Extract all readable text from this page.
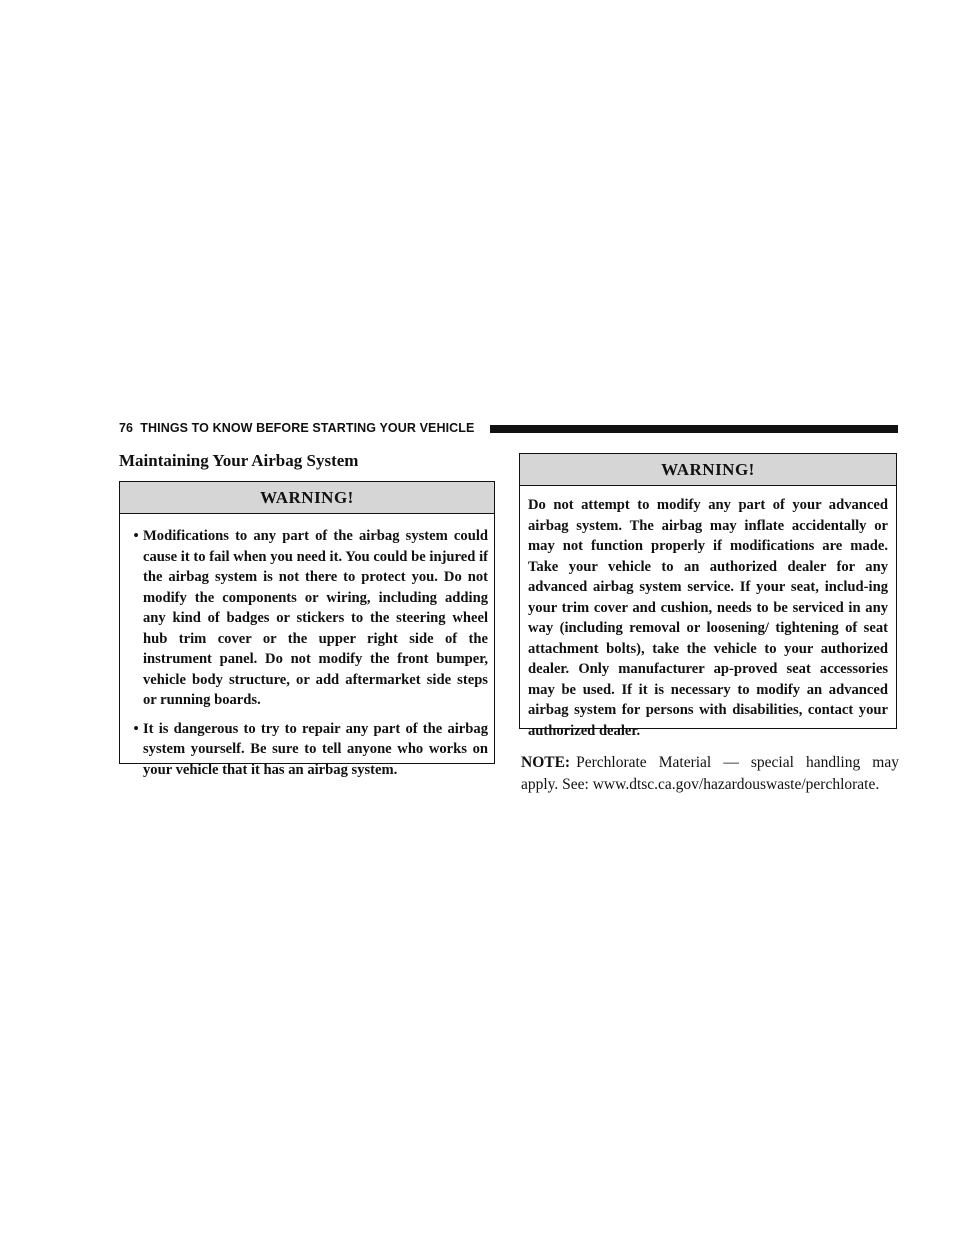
76 THINGS TO KNOW BEFORE STARTING YOUR VEHICLE
Maintaining Your Airbag System
WARNING!
• Modifications to any part of the airbag system could cause it to fail when you need it. You could be injured if the airbag system is not there to protect you. Do not modify the components or wiring, including adding any kind of badges or stickers to the steering wheel hub trim cover or the upper right side of the instrument panel. Do not modify the front bumper, vehicle body structure, or add aftermarket side steps or running boards.
• It is dangerous to try to repair any part of the airbag system yourself. Be sure to tell anyone who works on your vehicle that it has an airbag system.
WARNING!
Do not attempt to modify any part of your advanced airbag system. The airbag may inflate accidentally or may not function properly if modifications are made. Take your vehicle to an authorized dealer for any advanced airbag system service. If your seat, includ-ing your trim cover and cushion, needs to be serviced in any way (including removal or loosening/ tightening of seat attachment bolts), take the vehicle to your authorized dealer. Only manufacturer ap-proved seat accessories may be used. If it is necessary to modify an advanced airbag system for persons with disabilities, contact your authorized dealer.
NOTE: Perchlorate Material — special handling may apply. See: www.dtsc.ca.gov/hazardouswaste/perchlorate.
